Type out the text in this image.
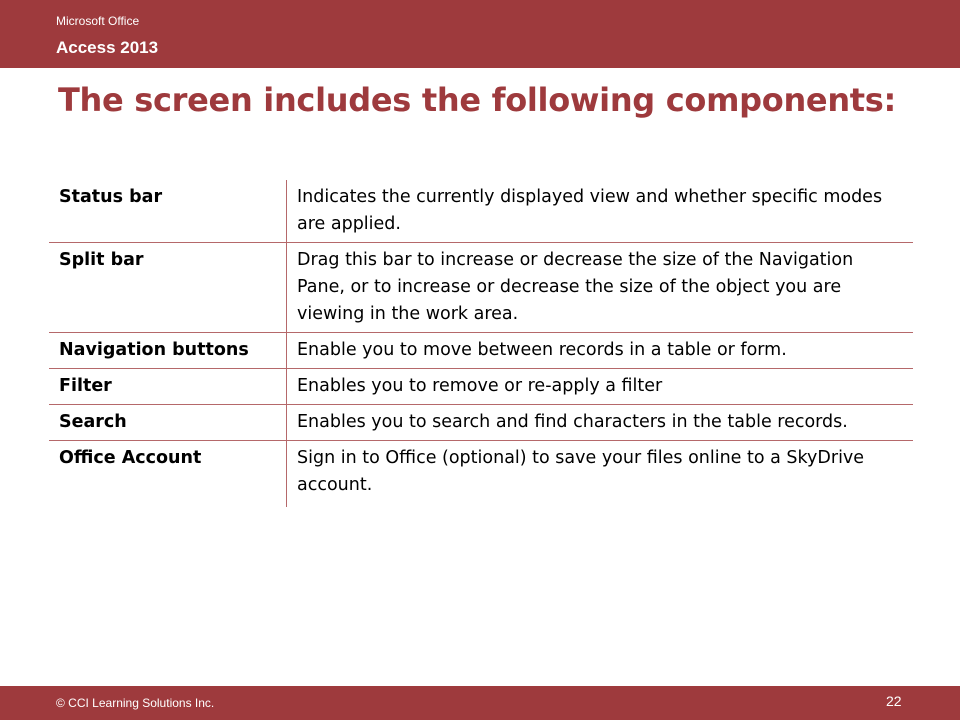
Microsoft Office
Access 2013
The screen includes the following components:
Status bar	Indicates the currently displayed view and whether specific modes are applied.
Split bar	Drag this bar to increase or decrease the size of the Navigation Pane, or to increase or decrease the size of the object you are viewing in the work area.
Navigation buttons	Enable you to move between records in a table or form.
Filter	Enables you to remove or re-apply a filter
Search	Enables you to search and find characters in the table records.
Office Account	Sign in to Office (optional) to save your files online to a SkyDrive account.
© CCI Learning Solutions Inc.	22
